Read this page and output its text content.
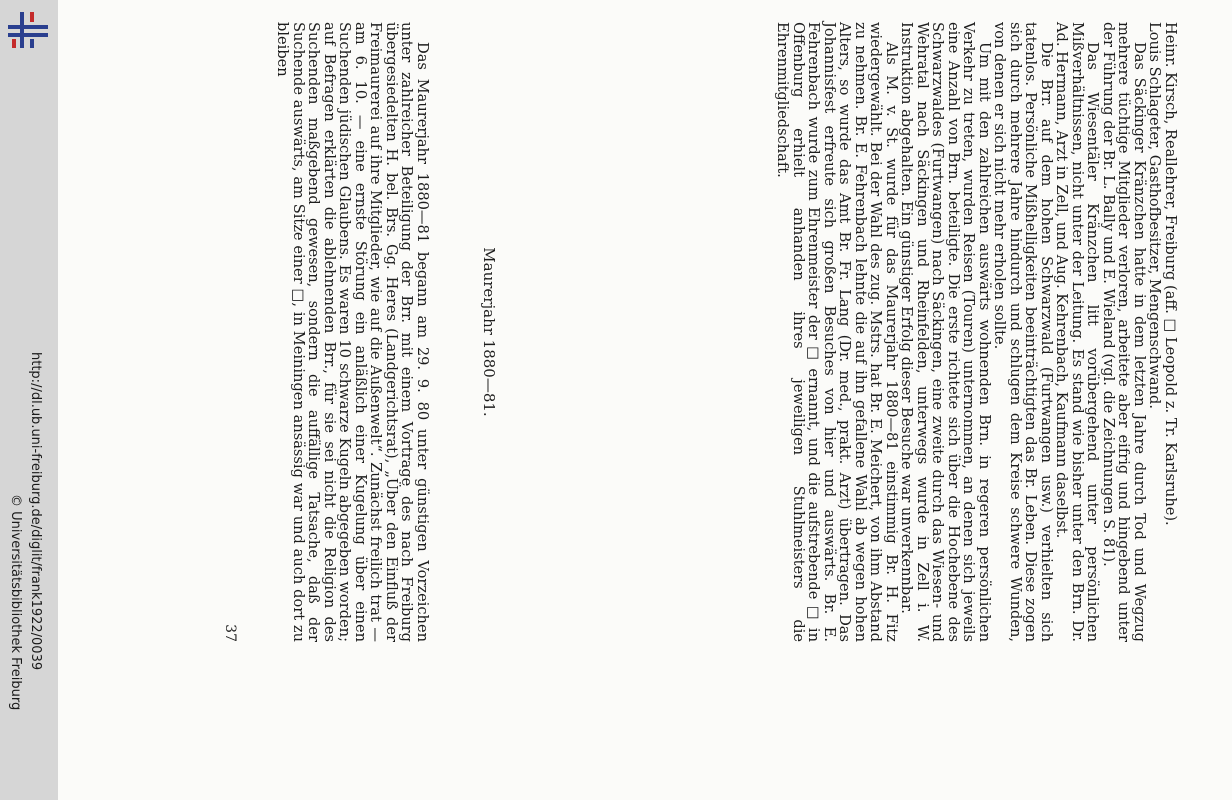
http://dl.ub.uni-freiburg.de/diglit/frank1922/0039
© Universitätsbibliothek Freiburg

Heinr. Kirsch, Reallehrer, Freiburg (aff. □ Leopold z. Tr. Karlsruhe).

Louis Schlageter, Gasthofbesitzer, Mengenschwand.

Das Säckinger Kränzchen hatte in dem letzten Jahre durch Tod und Wegzug mehrere tüchtige Mitglieder verloren, arbeitete aber eifrig und hingebend unter der Führung der Br. L. Bally und E. Wieland (vgl. die Zeichnungen S. 81).

Das Wiesentäler Kränzchen litt vorübergehend unter persönlichen Mißverhältnissen, nicht unter der Leitung. Es stand wie bisher unter den Brn. Dr. Ad. Hermann, Arzt in Zell, und Aug. Kehrenbach, Kaufmann daselbst.

Die Brr. auf dem hohen Schwarzwald (Furtwangen usw.) verhielten sich tatenlos. Persönliche Mißhelligkeiten beeinträchtigten das Br. Leben. Diese zogen sich durch mehrere Jahre hindurch und schlugen dem Kreise schwere Wunden, von denen er sich nicht mehr erholen sollte.

Um mit den zahlreichen auswärts wohnenden Brn. in regeren persönlichen Verkehr zu treten, wurden Reisen (Touren) unternommen, an denen sich jeweils eine Anzahl von Brn. beteiligte. Die erste richtete sich über die Hochebene des Schwarzwaldes (Furtwangen) nach Säckingen, eine zweite durch das Wiesen- und Wehratal nach Säckingen und Rheinfelden, unterwegs wurde in Zell i. W. Instruktion abgehalten. Ein günstiger Erfolg dieser Besuche war unverkennbar.

Als M. v. St. wurde für das Maurerjahr 1880—81 einstimmig Br. H. Fitz wiedergewählt. Bei der Wahl des zug. Mstrs. hat Br. E. Meichert, von ihm Abstand zu nehmen. Br. E. Fehrenbach lehnte die auf ihn gefallene Wahl ab wegen hohen Alters, so wurde das Amt Br. Fr. Lang (Dr. med., prakt. Arzt) übertragen. Das Johannisfest erfreute sich großen Besuches von hier und auswärts. Br. E. Fehrenbach wurde zum Ehrenmeister der □ ernannt, und die aufstrebende □ in Offenburg erhielt anhanden ihres jeweiligen Stuhlmeisters die Ehrenmitgliedschaft.

Maurerjahr 1880—81.

Das Maurerjahr 1880—81 begann am 29. 9. 80 unter günstigen Vorzeichen unter zahlreicher Beteiligung der Brr. mit einem Vortrage des nach Freiburg übergesiedelten H. bel. Brs. Gg. Heres (Landgerichtsrat), „Über den Einfluß der Freimaurerei auf ihre Mitglieder, wie auf die Außenwelt“. Zunächst freilich trat — am 6. 10. — eine ernste Störung ein anläßlich einer Kugelung über einen Suchenden jüdischen Glaubens. Es waren 10 schwarze Kugeln abgegeben worden; auf Befragen erklärten die ablehnenden Brr., für sie sei nicht die Religion des Suchenden maßgebend gewesen, sondern die auffällige Tatsache, daß der Suchende auswärts, am Sitze einer □, in Meiningen ansässig war und auch dort zu bleiben

37
